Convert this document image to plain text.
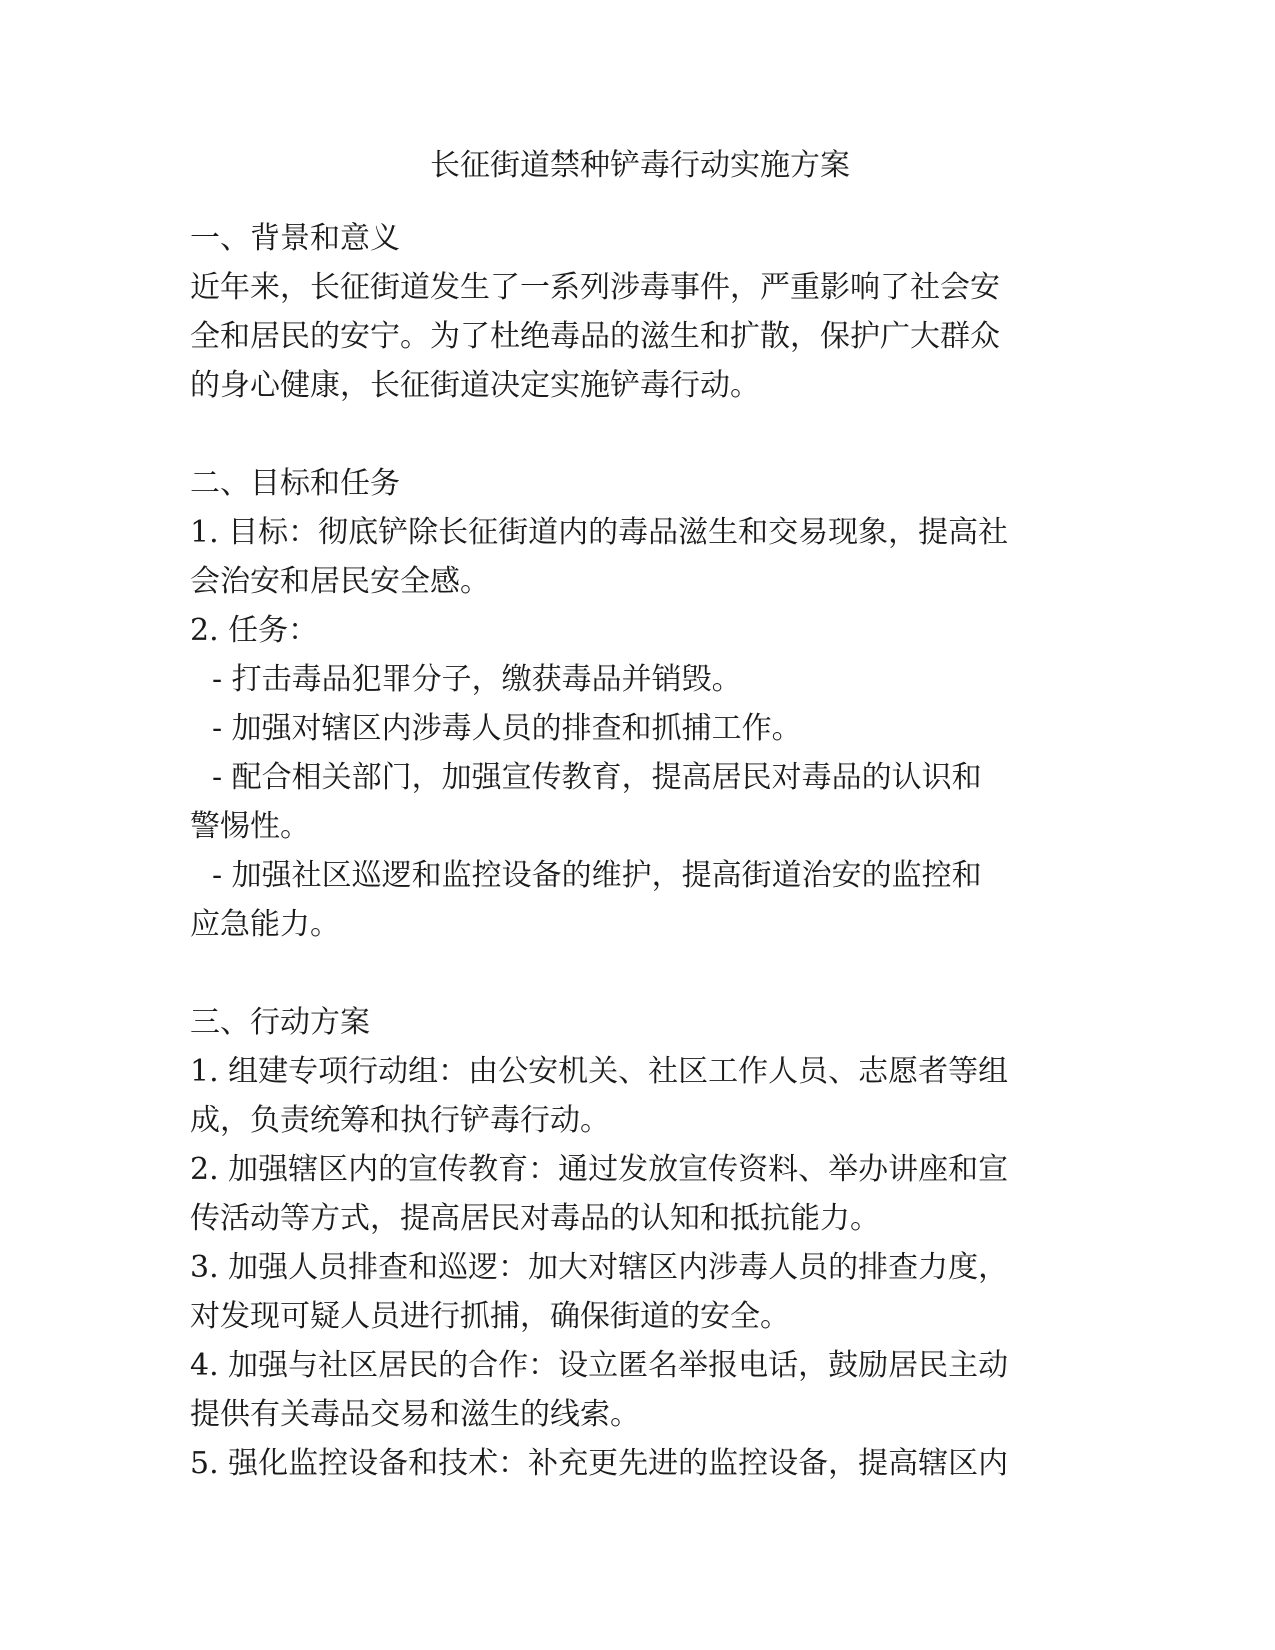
长征街道禁种铲毒行动实施方案

一、背景和意义

近年来，长征街道发生了一系列涉毒事件，严重影响了社会安

全和居民的安宁。为了杜绝毒品的滋生和扩散，保护广大群众

的身心健康，长征街道决定实施铲毒行动。

二、目标和任务

1. 目标：彻底铲除长征街道内的毒品滋生和交易现象，提高社

会治安和居民安全感。

2. 任务：

- 打击毒品犯罪分子，缴获毒品并销毁。

- 加强对辖区内涉毒人员的排查和抓捕工作。

- 配合相关部门，加强宣传教育，提高居民对毒品的认识和

警惕性。

- 加强社区巡逻和监控设备的维护，提高街道治安的监控和

应急能力。

三、行动方案

1. 组建专项行动组：由公安机关、社区工作人员、志愿者等组

成，负责统筹和执行铲毒行动。

2. 加强辖区内的宣传教育：通过发放宣传资料、举办讲座和宣

传活动等方式，提高居民对毒品的认知和抵抗能力。

3. 加强人员排查和巡逻：加大对辖区内涉毒人员的排查力度，

对发现可疑人员进行抓捕，确保街道的安全。

4. 加强与社区居民的合作：设立匿名举报电话，鼓励居民主动

提供有关毒品交易和滋生的线索。

5. 强化监控设备和技术：补充更先进的监控设备，提高辖区内
